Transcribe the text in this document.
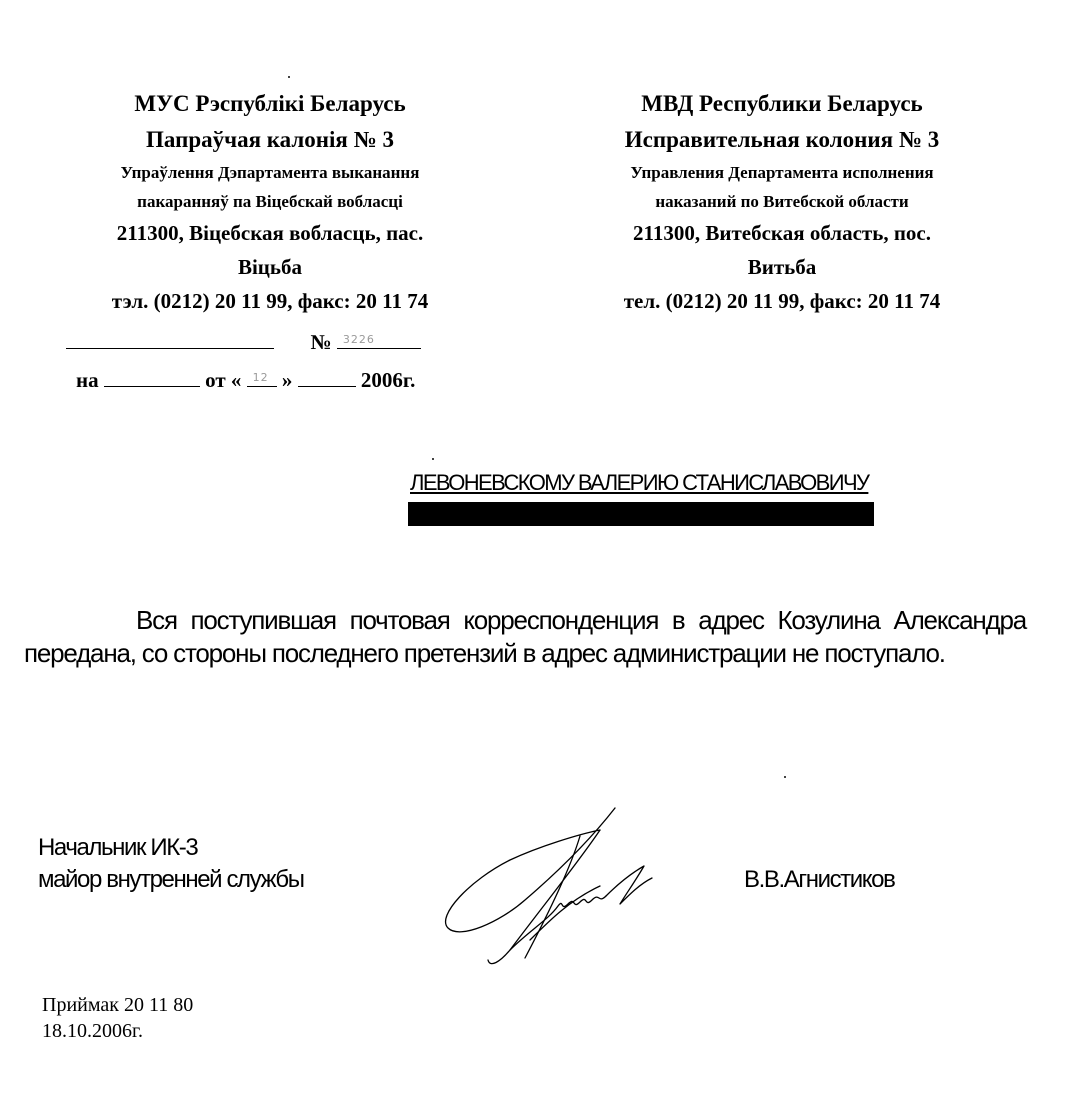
МУС Рэспублікі Беларусь
Папраўчая калонія № 3
Упраўлення Дэпартамента выканання
пакаранняў па Віцебскай вобласці
211300, Віцебская вобласць, пас.
Віцьба
тэл. (0212) 20 11 99, факс: 20 11 74
МВД Республики Беларусь
Исправительная колония № 3
Управления Департамента исполнения
наказаний по Витебской области
211300, Витебская область, пос.
Витьба
тел. (0212) 20 11 99, факс: 20 11 74
№ 3226
на	от « 12 »	2006г.
ЛЕВОНЕВСКОМУ ВАЛЕРИЮ СТАНИСЛАВОВИЧУ
Вся поступившая почтовая корреспонденция в адрес Козулина Александра передана, со стороны последнего претензий в адрес администрации не поступало.
Начальник ИК-3
майор внутренней службы	В.В.Агнистиков
Приймак 20 11 80
18.10.2006г.
